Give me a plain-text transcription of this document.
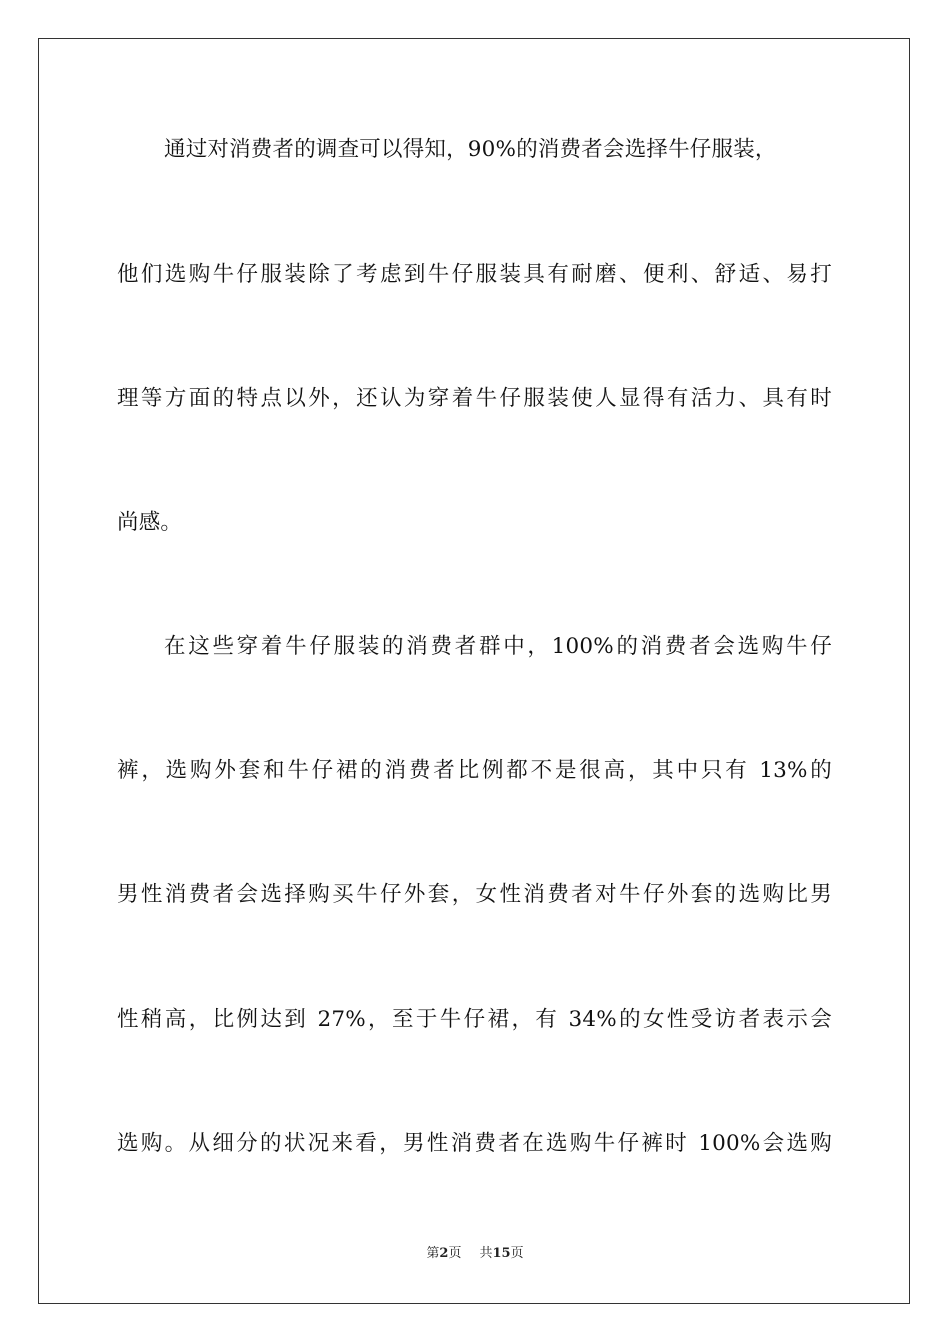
通过对消费者的调查可以得知，90%的消费者会选择牛仔服装，
他们选购牛仔服装除了考虑到牛仔服装具有耐磨、便利、舒适、易打
理等方面的特点以外，还认为穿着牛仔服装使人显得有活力、具有时
尚感。
在这些穿着牛仔服装的消费者群中，100%的消费者会选购牛仔
裤，选购外套和牛仔裙的消费者比例都不是很高，其中只有 13%的
男性消费者会选择购买牛仔外套，女性消费者对牛仔外套的选购比男
性稍高，比例达到 27%，至于牛仔裙，有 34%的女性受访者表示会
选购。从细分的状况来看，男性消费者在选购牛仔裤时 100%会选购
第2页 共15页
